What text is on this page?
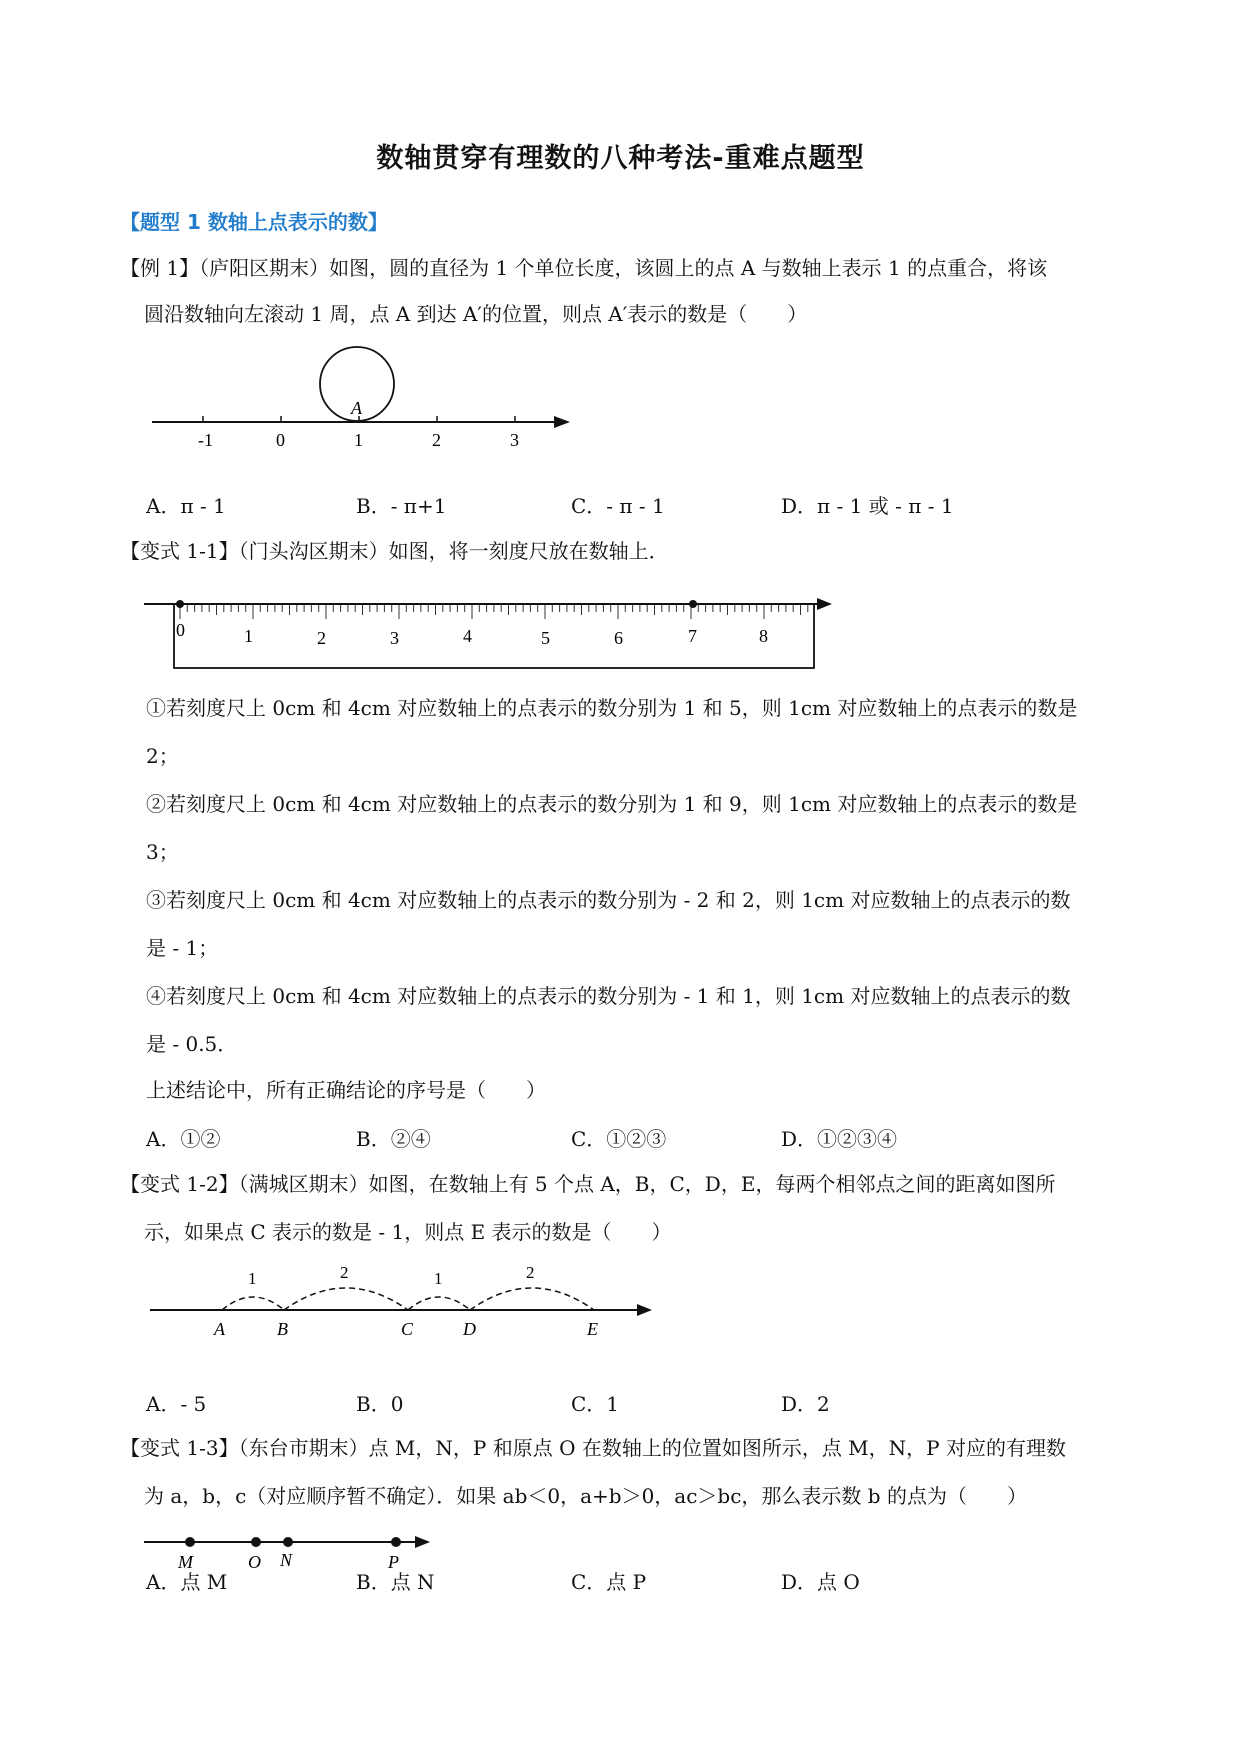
数轴贯穿有理数的八种考法-重难点题型
【题型 1 数轴上点表示的数】
【例 1】（庐阳区期末）如图，圆的直径为 1 个单位长度，该圆上的点 A 与数轴上表示 1 的点重合，将该
圆沿数轴向左滚动 1 周，点 A 到达 A′的位置，则点 A′表示的数是（　　）
-1	0	1	2	3
A
A．π - 1	B．- π+1	C．- π - 1	D．π - 1 或 - π - 1
【变式 1-1】（门头沟区期末）如图，将一刻度尺放在数轴上．
0	1	2	3	4	5	6	7	8
①若刻度尺上 0cm 和 4cm 对应数轴上的点表示的数分别为 1 和 5，则 1cm 对应数轴上的点表示的数是
2；
②若刻度尺上 0cm 和 4cm 对应数轴上的点表示的数分别为 1 和 9，则 1cm 对应数轴上的点表示的数是
3；
③若刻度尺上 0cm 和 4cm 对应数轴上的点表示的数分别为 - 2 和 2，则 1cm 对应数轴上的点表示的数
是 - 1；
④若刻度尺上 0cm 和 4cm 对应数轴上的点表示的数分别为 - 1 和 1，则 1cm 对应数轴上的点表示的数
是 - 0.5．
上述结论中，所有正确结论的序号是（　　）
A．①②	B．②④	C．①②③	D．①②③④
【变式 1-2】（满城区期末）如图，在数轴上有 5 个点 A，B，C，D，E，每两个相邻点之间的距离如图所
示，如果点 C 表示的数是 - 1，则点 E 表示的数是（　　）
1	2	1	2
A	B	C	D	E
A．- 5	B．0	C．1	D．2
【变式 1-3】（东台市期末）点 M，N，P 和原点 O 在数轴上的位置如图所示，点 M，N，P 对应的有理数
为 a，b，c（对应顺序暂不确定）．如果 ab＜0，a+b＞0，ac＞bc，那么表示数 b 的点为（　　）
M	O N	P
A．点 M	B．点 N	C．点 P	D．点 O
